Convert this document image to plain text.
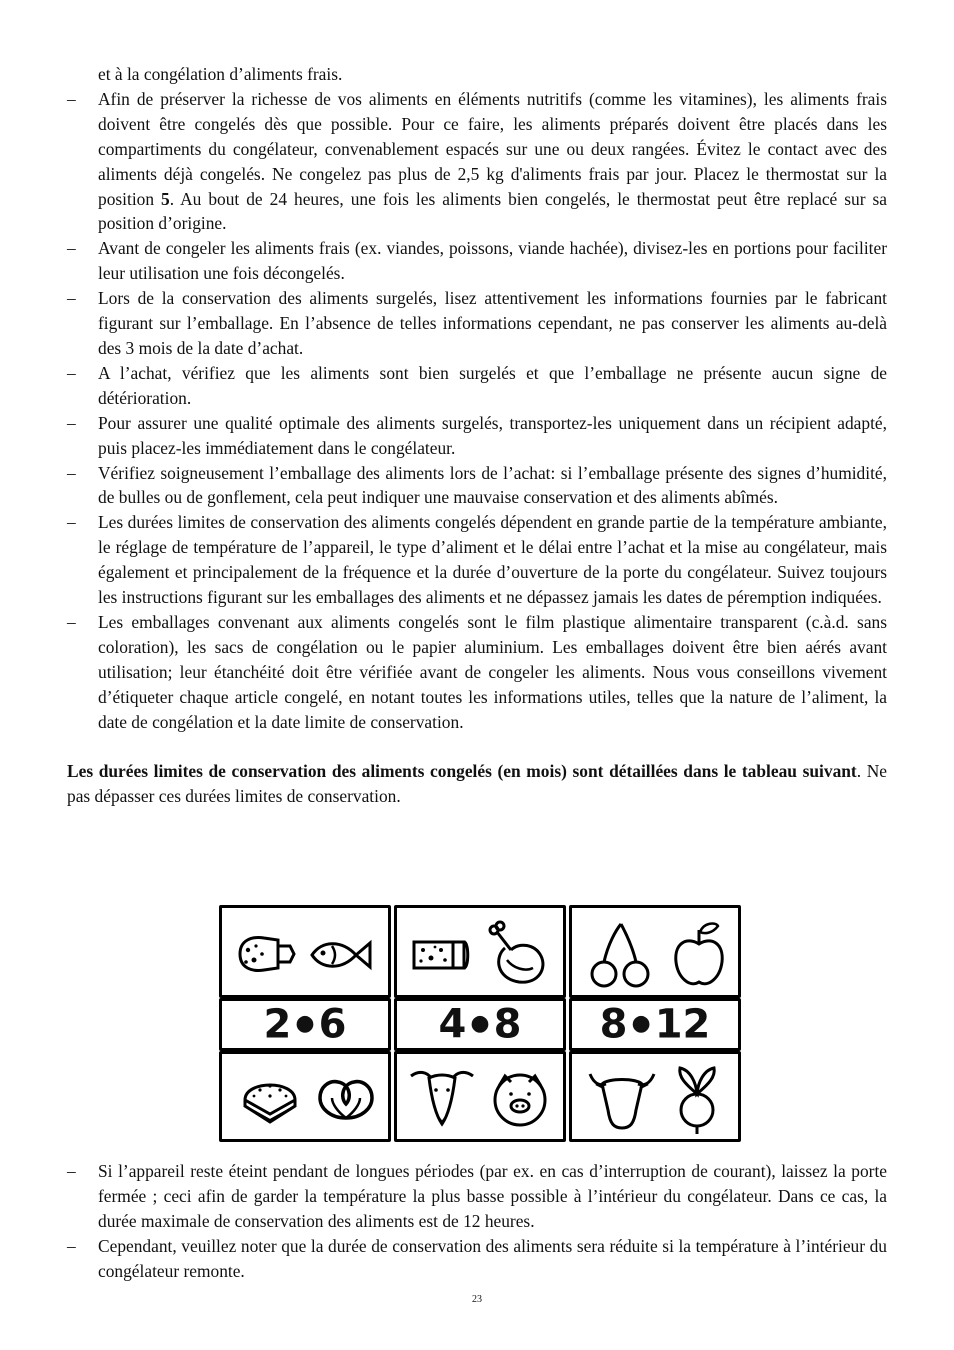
et à la congélation d’aliments frais.
– Afin de préserver la richesse de vos aliments en éléments nutritifs (comme les vitamines), les aliments frais doivent être congelés dès que possible. Pour ce faire, les aliments préparés doivent être placés dans les compartiments du congélateur, convenablement espacés sur une ou deux rangées. Évitez le contact avec des aliments déjà congelés. Ne congelez pas plus de 2,5 kg d'aliments frais par jour. Placez le thermostat sur la position 5. Au bout de 24 heures, une fois les aliments bien congelés, le thermostat peut être replacé sur sa position d’origine.
– Avant de congeler les aliments frais (ex. viandes, poissons, viande hachée), divisez-les en portions pour faciliter leur utilisation une fois décongelés.
– Lors de la conservation des aliments surgelés, lisez attentivement les informations fournies par le fabricant figurant sur l’emballage. En l’absence de telles informations cependant, ne pas conserver les aliments au-delà des 3 mois de la date d’achat.
– A l’achat, vérifiez que les aliments sont bien surgelés et que l’emballage ne présente aucun signe de détérioration.
– Pour assurer une qualité optimale des aliments surgelés, transportez-les uniquement dans un récipient adapté, puis placez-les immédiatement dans le congélateur.
– Vérifiez soigneusement l’emballage des aliments lors de l’achat: si l’emballage présente des signes d’humidité, de bulles ou de gonflement, cela peut indiquer une mauvaise conservation et des aliments abîmés.
– Les durées limites de conservation des aliments congelés dépendent en grande partie de la température ambiante, le réglage de température de l’appareil, le type d’aliment et le délai entre l’achat et la mise au congélateur, mais également et principalement de la fréquence et la durée d’ouverture de la porte du congélateur. Suivez toujours les instructions figurant sur les emballages des aliments et ne dépassez jamais les dates de péremption indiquées.
– Les emballages convenant aux aliments congelés sont le film plastique alimentaire transparent (c.à.d. sans coloration), les sacs de congélation ou le papier aluminium. Les emballages doivent être bien aérés avant utilisation; leur étanchéité doit être vérifiée avant de congeler les aliments. Nous vous conseillons vivement d’étiqueter chaque article congelé, en notant toutes les informations utiles, telles que la nature de l’aliment, la date de congélation et la date limite de conservation.

Les durées limites de conservation des aliments congelés (en mois) sont détaillées dans le tableau suivant. Ne pas dépasser ces durées limites de conservation.

2 ● 6	4 ● 8	8 ● 12
– Si l’appareil reste éteint pendant de longues périodes (par ex. en cas d’interruption de courant), laissez la porte fermée ; ceci afin de garder la température la plus basse possible à l’intérieur du congélateur. Dans ce cas, la durée maximale de conservation des aliments est de 12 heures.
– Cependant, veuillez noter que la durée de conservation des aliments sera réduite si la température à l’intérieur du congélateur remonte.
23
